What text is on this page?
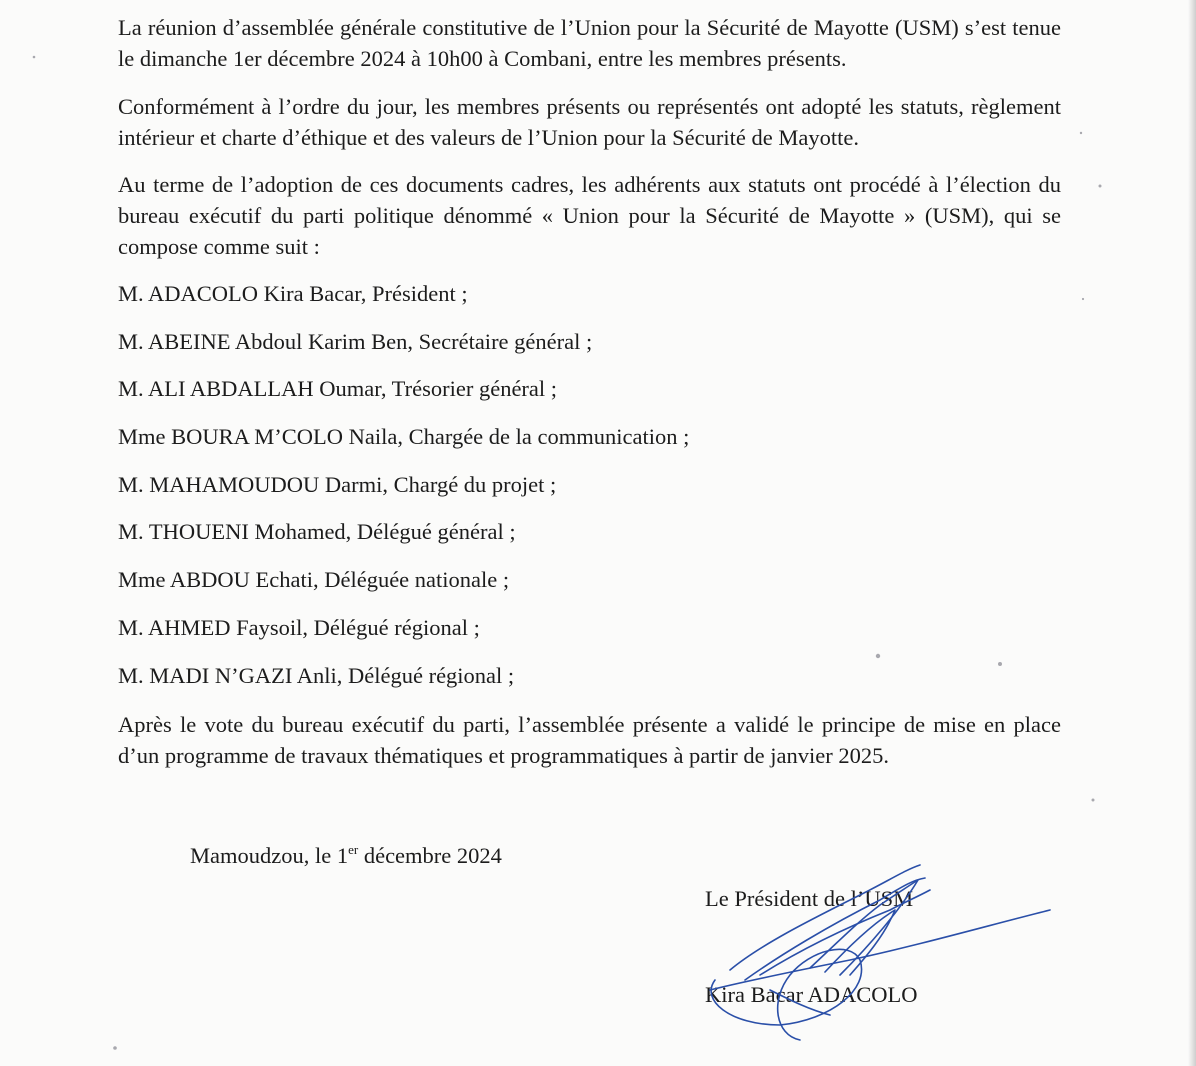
La réunion d’assemblée générale constitutive de l’Union pour la Sécurité de Mayotte (USM) s’est tenue le dimanche 1er décembre 2024 à 10h00 à Combani, entre les membres présents.

Conformément à l’ordre du jour, les membres présents ou représentés ont adopté les statuts, règlement intérieur et charte d’éthique et des valeurs de l’Union pour la Sécurité de Mayotte.

Au terme de l’adoption de ces documents cadres, les adhérents aux statuts ont procédé à l’élection du bureau exécutif du parti politique dénommé « Union pour la Sécurité de Mayotte » (USM), qui se compose comme suit :

M. ADACOLO Kira Bacar, Président ;

M. ABEINE Abdoul Karim Ben, Secrétaire général ;

M. ALI ABDALLAH Oumar, Trésorier général ;

Mme BOURA M’COLO Naila, Chargée de la communication ;

M. MAHAMOUDOU Darmi, Chargé du projet ;

M. THOUENI Mohamed, Délégué général ;

Mme ABDOU Echati, Déléguée nationale ;

M. AHMED Faysoil, Délégué régional ;

M. MADI N’GAZI Anli, Délégué régional ;

Après le vote du bureau exécutif du parti, l’assemblée présente a validé le principe de mise en place d’un programme de travaux thématiques et programmatiques à partir de janvier 2025.

Mamoudzou, le 1er décembre 2024
Le Président de l’USM
Kira Bacar ADACOLO
